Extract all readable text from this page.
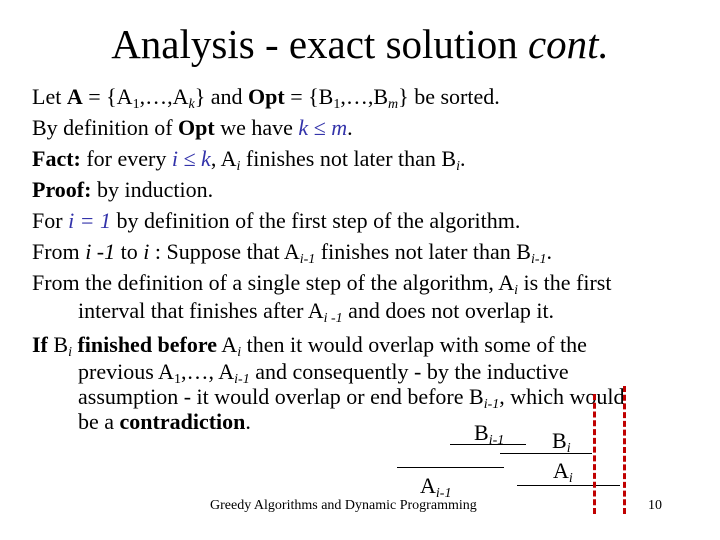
Analysis - exact solution cont.
Let $A = \{A_1,\dots,A_k\}$ and Opt = $\{B_1,\dots,B_m\}$ be sorted.
By definition of Opt we have k ≤ m.
Fact: for every i ≤ k, $A_i$ finishes not later than $B_i$.
Proof: by induction.
For i = 1 by definition of the first step of the algorithm.
From i -1 to i : Suppose that $A_{i-1}$ finishes not later than $B_{i-1}$.
From the definition of a single step of the algorithm, $A_i$ is the first
interval that finishes after $A_{i -1}$ and does not overlap it.
If $B_i$ finished before $A_i$ then it would overlap with some of the
previous $A_1,\dots$, $A_{i-1}$ and consequently - by the inductive
assumption - it would overlap or end before $B_{i-1}$, which would
be a contradiction.	$B_{i-1}$ $B_i$
$A_{i-1}$
$A_i$
Greedy Algorithms and Dynamic Programming	10
